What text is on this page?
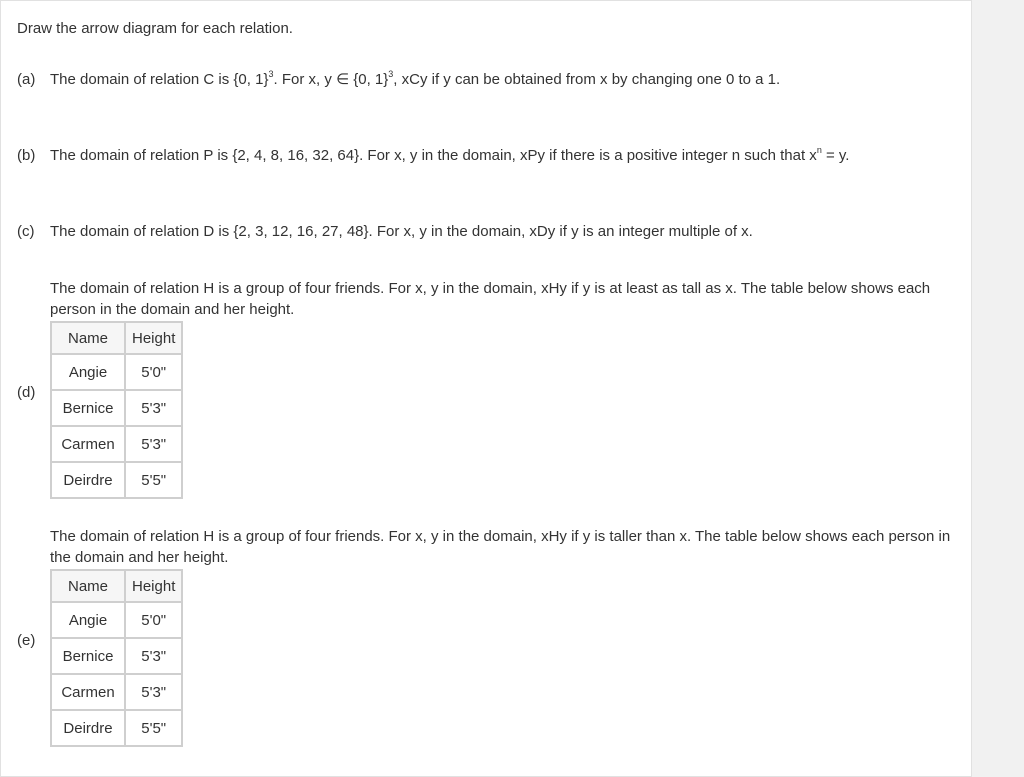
Draw the arrow diagram for each relation.
(a) The domain of relation C is {0, 1}$^3$. For x, y ∈ {0, 1}$^3$, xCy if y can be obtained from x by changing one 0 to a 1.
(b) The domain of relation P is {2, 4, 8, 16, 32, 64}. For x, y in the domain, xPy if there is a positive integer n such that $x^n = y$.
(c) The domain of relation D is {2, 3, 12, 16, 27, 48}. For x, y in the domain, xDy if y is an integer multiple of x.
The domain of relation H is a group of four friends. For x, y in the domain, xHy if y is at least as tall as x. The table below shows each person in the domain and her height.
(d)
Name	Height
Angie	5'0"
Bernice	5'3"
Carmen	5'3"
Deirdre	5'5"
The domain of relation H is a group of four friends. For x, y in the domain, xHy if y is taller than x. The table below shows each person in the domain and her height.
(e)
Name	Height
Angie	5'0"
Bernice	5'3"
Carmen	5'3"
Deirdre	5'5"
